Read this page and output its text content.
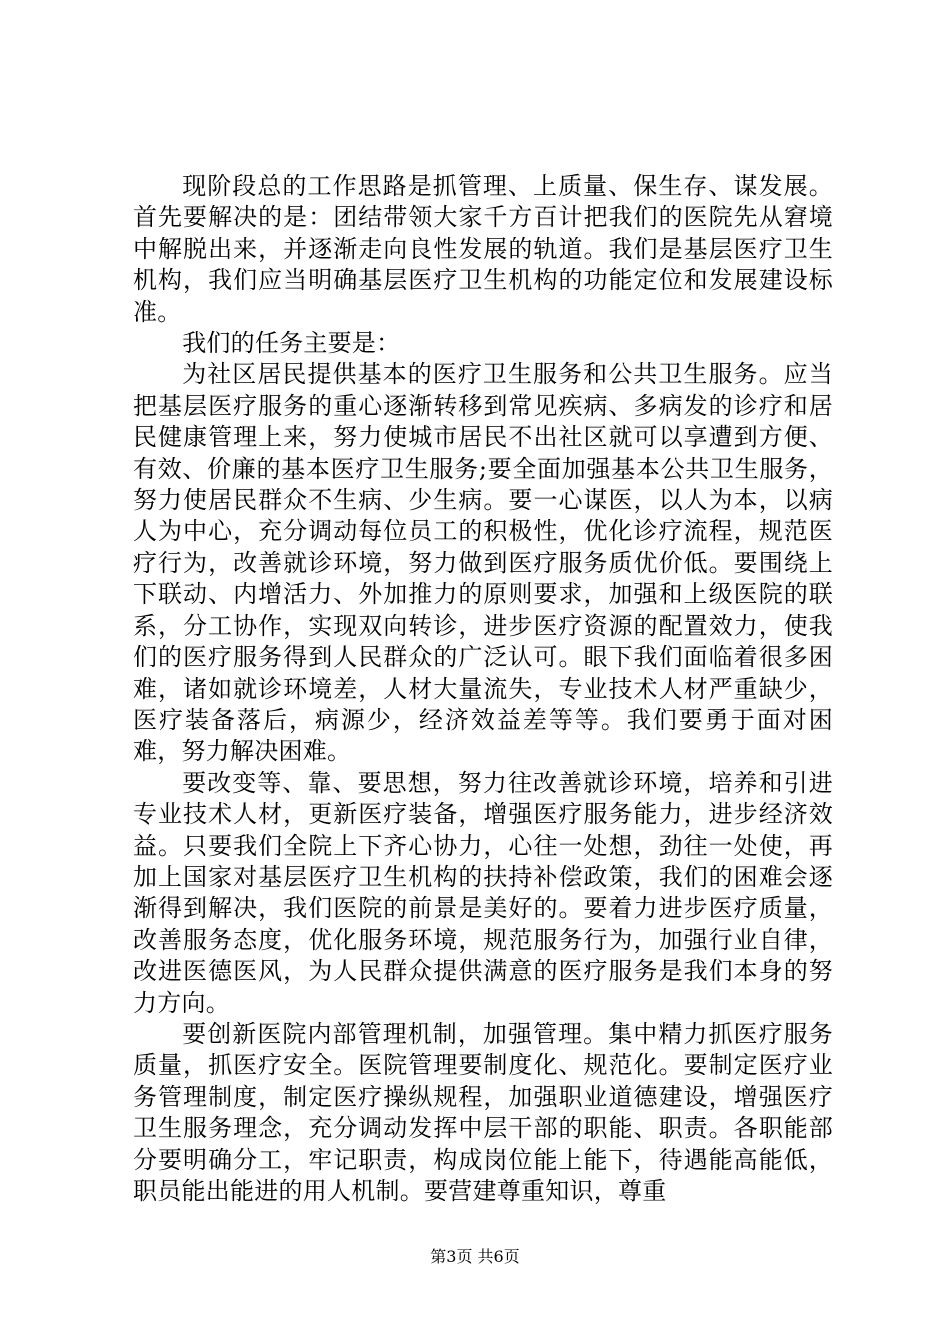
现阶段总的工作思路是抓管理、上质量、保生存、谋发展。首先要解决的是：团结带领大家千方百计把我们的医院先从窘境中解脱出来，并逐渐走向良性发展的轨道。我们是基层医疗卫生机构，我们应当明确基层医疗卫生机构的功能定位和发展建设标准。

我们的任务主要是：

为社区居民提供基本的医疗卫生服务和公共卫生服务。应当把基层医疗服务的重心逐渐转移到常见疾病、多病发的诊疗和居民健康管理上来，努力使城市居民不出社区就可以享遭到方便、有效、价廉的基本医疗卫生服务;要全面加强基本公共卫生服务，努力使居民群众不生病、少生病。要一心谋医，以人为本，以病人为中心，充分调动每位员工的积极性，优化诊疗流程，规范医疗行为，改善就诊环境，努力做到医疗服务质优价低。要围绕上下联动、内增活力、外加推力的原则要求，加强和上级医院的联系，分工协作，实现双向转诊，进步医疗资源的配置效力，使我们的医疗服务得到人民群众的广泛认可。眼下我们面临着很多困难，诸如就诊环境差，人材大量流失，专业技术人材严重缺少，医疗装备落后，病源少，经济效益差等等。我们要勇于面对困难，努力解决困难。

要改变等、靠、要思想，努力往改善就诊环境，培养和引进专业技术人材，更新医疗装备，增强医疗服务能力，进步经济效益。只要我们全院上下齐心协力，心往一处想，劲往一处使，再加上国家对基层医疗卫生机构的扶持补偿政策，我们的困难会逐渐得到解决，我们医院的前景是美好的。要着力进步医疗质量，改善服务态度，优化服务环境，规范服务行为，加强行业自律，改进医德医风，为人民群众提供满意的医疗服务是我们本身的努力方向。

要创新医院内部管理机制，加强管理。集中精力抓医疗服务质量，抓医疗安全。医院管理要制度化、规范化。要制定医疗业务管理制度，制定医疗操纵规程，加强职业道德建设，增强医疗卫生服务理念，充分调动发挥中层干部的职能、职责。各职能部分要明确分工，牢记职责，构成岗位能上能下，待遇能高能低，职员能出能进的用人机制。要营建尊重知识，尊重

第3页 共6页
